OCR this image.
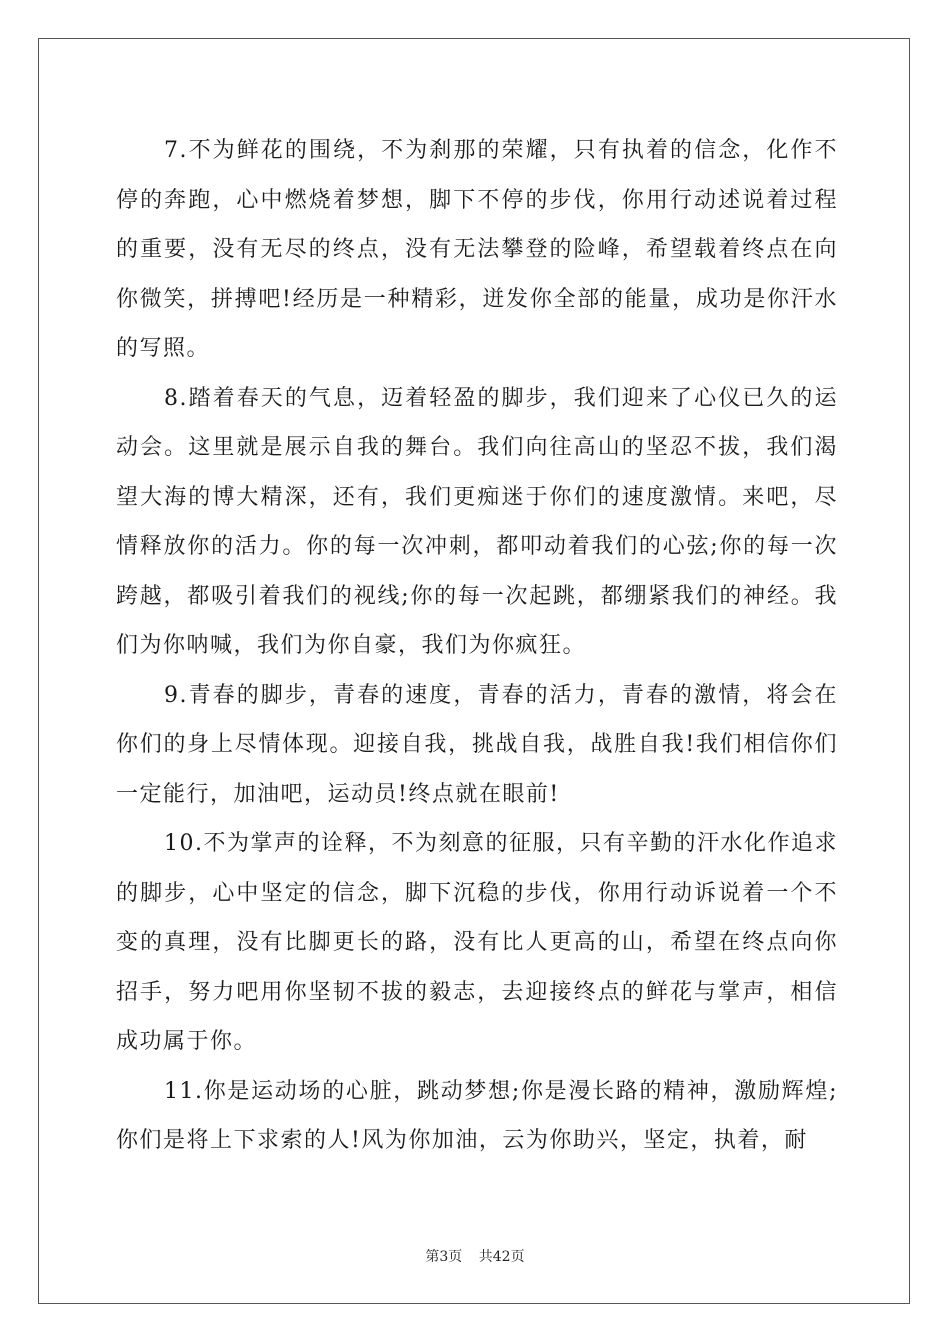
7.不为鲜花的围绕，不为刹那的荣耀，只有执着的信念，化作不停的奔跑，心中燃烧着梦想，脚下不停的步伐，你用行动述说着过程的重要，没有无尽的终点，没有无法攀登的险峰，希望载着终点在向你微笑，拼搏吧!经历是一种精彩，迸发你全部的能量，成功是你汗水的写照。

8.踏着春天的气息，迈着轻盈的脚步，我们迎来了心仪已久的运动会。这里就是展示自我的舞台。我们向往高山的坚忍不拔，我们渴望大海的博大精深，还有，我们更痴迷于你们的速度激情。来吧，尽情释放你的活力。你的每一次冲刺，都叩动着我们的心弦;你的每一次跨越，都吸引着我们的视线;你的每一次起跳，都绷紧我们的神经。我们为你呐喊，我们为你自豪，我们为你疯狂。

9.青春的脚步，青春的速度，青春的活力，青春的激情，将会在你们的身上尽情体现。迎接自我，挑战自我，战胜自我!我们相信你们一定能行，加油吧，运动员!终点就在眼前!

10.不为掌声的诠释，不为刻意的征服，只有辛勤的汗水化作追求的脚步，心中坚定的信念，脚下沉稳的步伐，你用行动诉说着一个不变的真理，没有比脚更长的路，没有比人更高的山，希望在终点向你招手，努力吧用你坚韧不拔的毅志，去迎接终点的鲜花与掌声，相信成功属于你。

11.你是运动场的心脏，跳动梦想;你是漫长路的精神，激励辉煌;你们是将上下求索的人!风为你加油，云为你助兴，坚定，执着，耐

第3页 共42页
